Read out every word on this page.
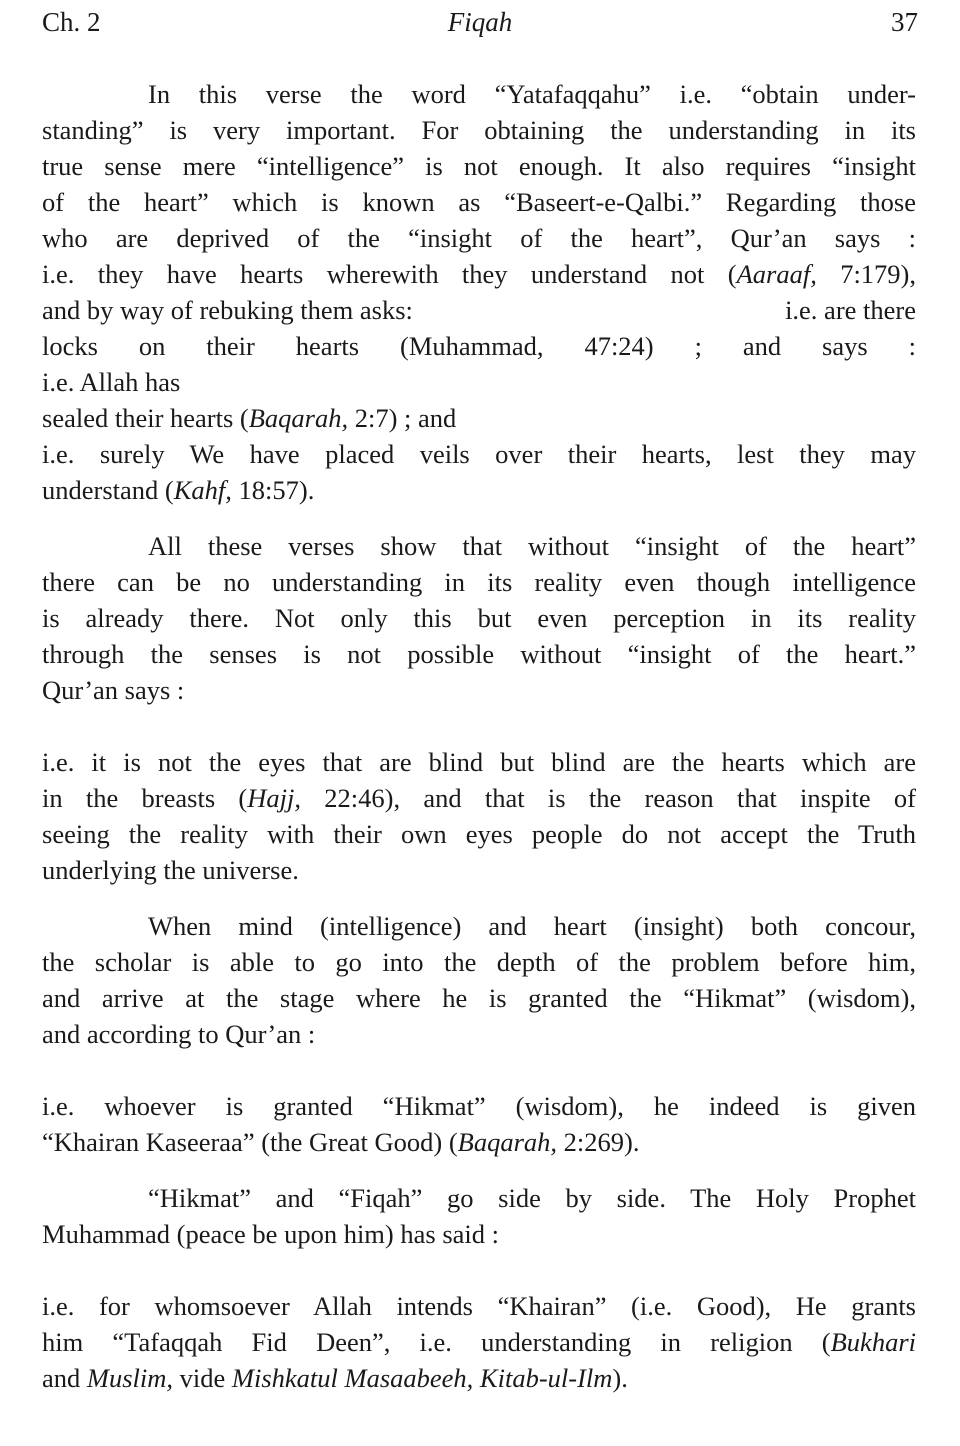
Ch. 2	Fiqah	37
In this verse the word “Yatafaqqahu” i.e. “obtain under-
standing” is very important. For obtaining the understanding in its
true sense mere “intelligence” is not enough. It also requires “insight
of the heart” which is known as “Baseert-e-Qalbi.” Regarding those
who are deprived of the “insight of the heart”, Qur’an says :
i.e. they have hearts wherewith they understand not (Aaraaf, 7:179),
and by way of rebuking them asks:	i.e. are there
locks on their hearts (Muhammad, 47:24) ; and says :
i.e. Allah has
sealed their hearts (Baqarah, 2:7) ; and
i.e. surely We have placed veils over their hearts, lest they may
understand (Kahf, 18:57).
All these verses show that without “insight of the heart”
there can be no understanding in its reality even though intelligence
is already there. Not only this but even perception in its reality
through the senses is not possible without “insight of the heart.”
Qur’an says :
i.e. it is not the eyes that are blind but blind are the hearts which are
in the breasts (Hajj, 22:46), and that is the reason that inspite of
seeing the reality with their own eyes people do not accept the Truth
underlying the universe.
When mind (intelligence) and heart (insight) both concour,
the scholar is able to go into the depth of the problem before him,
and arrive at the stage where he is granted the “Hikmat” (wisdom),
and according to Qur’an :
i.e. whoever is granted “Hikmat” (wisdom), he indeed is given
“Khairan Kaseeraa” (the Great Good) (Baqarah, 2:269).
“Hikmat” and “Fiqah” go side by side. The Holy Prophet
Muhammad (peace be upon him) has said :
i.e. for whomsoever Allah intends “Khairan” (i.e. Good), He grants
him “Tafaqqah Fid Deen”, i.e. understanding in religion (Bukhari
and Muslim, vide Mishkatul Masaabeeh, Kitab-ul-Ilm).
